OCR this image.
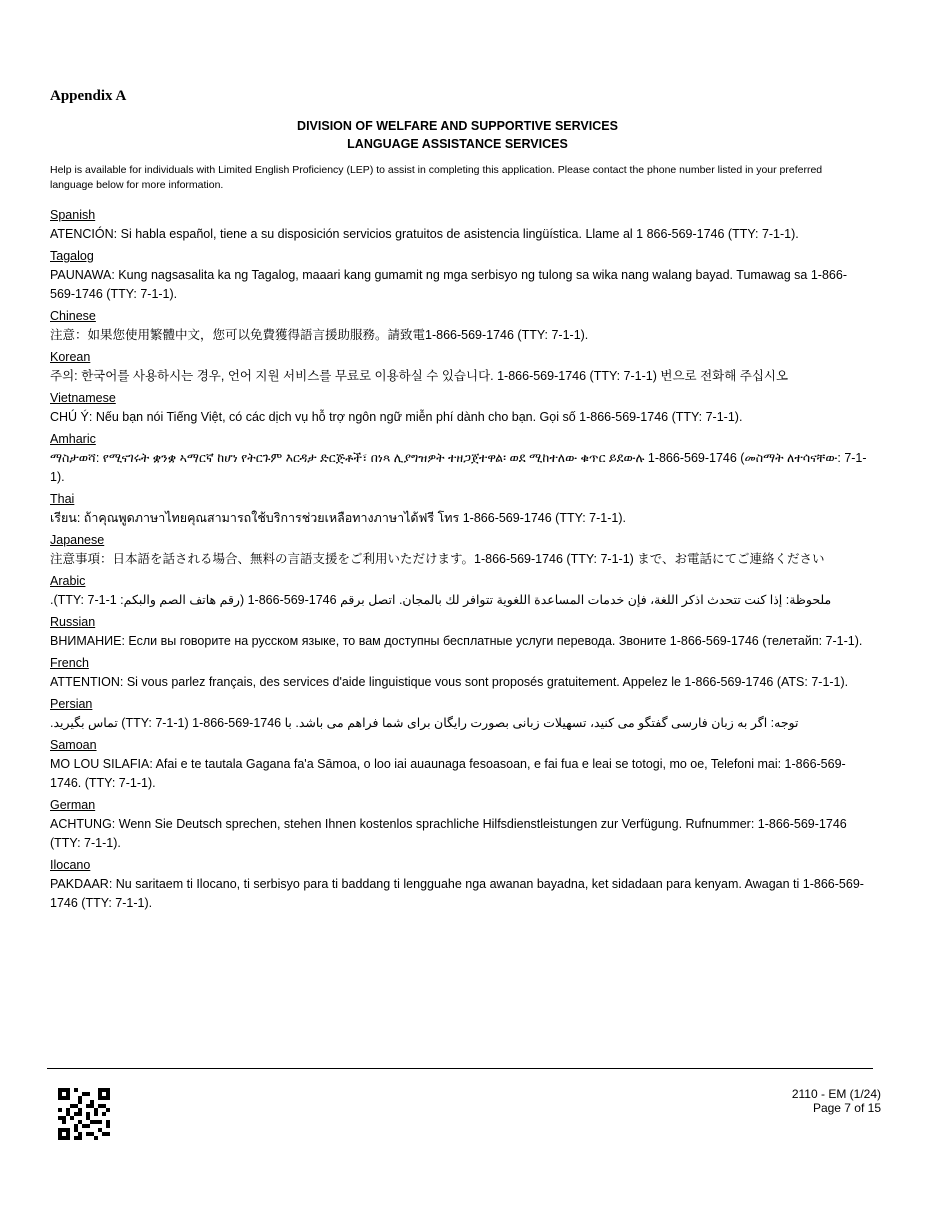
Appendix A
DIVISION OF WELFARE AND SUPPORTIVE SERVICES
LANGUAGE ASSISTANCE SERVICES
Help is available for individuals with Limited English Proficiency (LEP) to assist in completing this application. Please contact the phone number listed in your preferred language below for more information.
Spanish
ATENCIÓN: Si habla español, tiene a su disposición servicios gratuitos de asistencia lingüística. Llame al 1 866-569-1746 (TTY: 7-1-1).
Tagalog
PAUNAWA: Kung nagsasalita ka ng Tagalog, maaari kang gumamit ng mga serbisyo ng tulong sa wika nang walang bayad. Tumawag sa 1-866-569-1746 (TTY: 7-1-1).
Chinese
注意：如果您使用繁體中文，您可以免費獲得語言援助服務。請致電1-866-569-1746 (TTY: 7-1-1).
Korean
주의: 한국어를 사용하시는 경우, 언어 지원 서비스를 무료로 이용하실 수 있습니다. 1-866-569-1746 (TTY: 7-1-1) 번으로 전화해 주십시오
Vietnamese
CHÚ Ý: Nếu bạn nói Tiếng Việt, có các dịch vụ hỗ trợ ngôn ngữ miễn phí dành cho bạn. Gọi số 1-866-569-1746 (TTY: 7-1-1).
Amharic
ማስታወሻ: የሚናገሩት ቋንቋ ኣማርኛ ከሆነ የትርጉም እርዳታ ድርጅቶች፣ በነጻ ሊያግዝዎት ተዘጋጀተዋል፡ ወደ ሚከተለው ቁጥር ይደውሉ 1-866-569-1746 (መስማት ለተሳናቸው: 7-1-1).
Thai
เรียน: ถ้าคุณพูดภาษาไทยคุณสามารถใช้บริการช่วยเหลือทางภาษาได้ฟรี โทร 1-866-569-1746 (TTY: 7-1-1).
Japanese
注意事項：日本語を話される場合、無料の言語支援をご利用いただけます。1-866-569-1746 (TTY: 7-1-1) まで、お電話にてご連絡ください
Arabic
ملحوظة: إذا كنت تتحدث اذكر اللغة، فإن خدمات المساعدة اللغوية تتوافر لك بالمجان. اتصل برقم 1746-569-866-1 (رقم هاتف الصم والبكم: TTY: 7-1-1).
Russian
ВНИМАНИЕ: Если вы говорите на русском языке, то вам доступны бесплатные услуги перевода. Звоните 1-866-569-1746 (телетайп: 7-1-1).
French
ATTENTION: Si vous parlez français, des services d'aide linguistique vous sont proposés gratuitement. Appelez le 1-866-569-1746 (ATS: 7-1-1).
Persian
توجه: اگر به زبان فارسی گفتگو می کنید، تسهیلات زبانی بصورت رایگان برای شما فراهم می باشد. با 1746-569-866-1 (TTY: 7-1-1) تماس بگیرید.
Samoan
MO LOU SILAFIA: Afai e te tautala Gagana fa'a Sāmoa, o loo iai auaunaga fesoasoan, e fai fua e leai se totogi, mo oe, Telefoni mai: 1-866-569-1746. (TTY: 7-1-1).
German
ACHTUNG: Wenn Sie Deutsch sprechen, stehen Ihnen kostenlos sprachliche Hilfsdienstleistungen zur Verfügung. Rufnummer: 1-866-569-1746 (TTY: 7-1-1).
Ilocano
PAKDAAR: Nu saritaem ti Ilocano, ti serbisyo para ti baddang ti lengguahe nga awanan bayadna, ket sidadaan para kenyam. Awagan ti 1-866-569-1746 (TTY: 7-1-1).
2110 - EM (1/24)
Page 7 of 15
